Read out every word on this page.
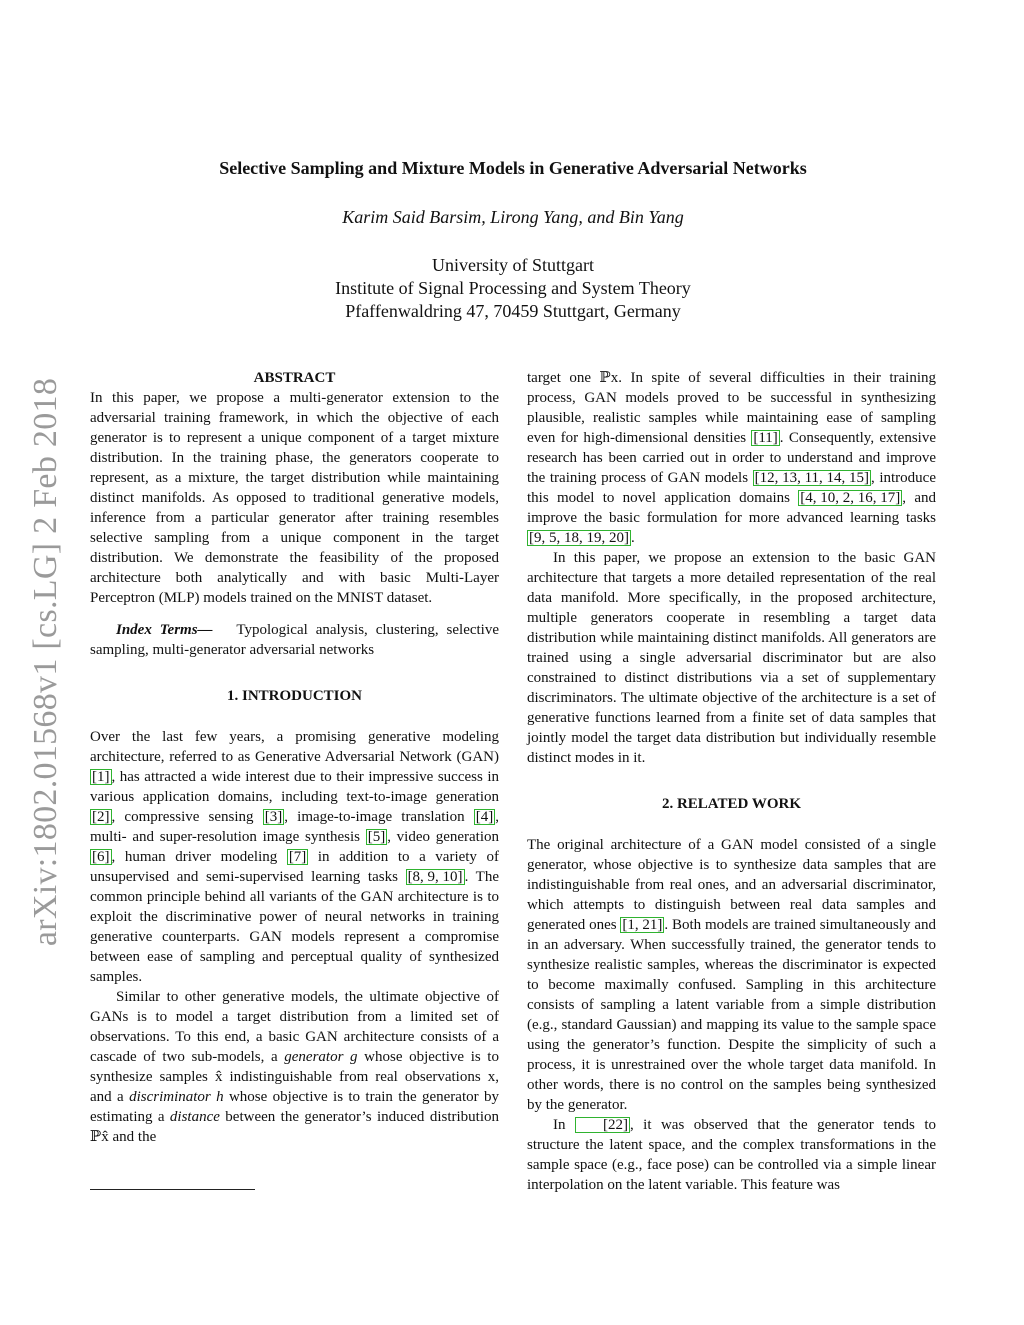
arXiv:1802.01568v1 [cs.LG] 2 Feb 2018
Selective Sampling and Mixture Models in Generative Adversarial Networks
Karim Said Barsim, Lirong Yang, and Bin Yang
University of Stuttgart
Institute of Signal Processing and System Theory
Pfaffenwaldring 47, 70459 Stuttgart, Germany

ABSTRACT

In this paper, we propose a multi-generator extension to the adversarial training framework, in which the objective of each generator is to represent a unique component of a target mixture distribution. In the training phase, the generators cooperate to represent, as a mixture, the target distribution while maintaining distinct manifolds. As opposed to traditional generative models, inference from a particular generator after training resembles selective sampling from a unique component in the target distribution. We demonstrate the feasibility of the proposed architecture both analytically and with basic Multi-Layer Perceptron (MLP) models trained on the MNIST dataset.

Index Terms— Typological analysis, clustering, selective sampling, multi-generator adversarial networks

1. INTRODUCTION

Over the last few years, a promising generative modeling architecture, referred to as Generative Adversarial Network (GAN) [1] , has attracted a wide interest due to their impressive success in various application domains, including text-to-image generation [2] , compressive sensing [3] , image-to-image translation [4] , multi- and super-resolution image synthesis [5] , video generation [6] , human driver modeling [7] in addition to a variety of unsupervised and semi-supervised learning tasks [8, 9, 10] . The common principle behind all variants of the GAN architecture is to exploit the discriminative power of neural networks in training generative counterparts. GAN models represent a compromise between ease of sampling and perceptual quality of synthesized samples.

Similar to other generative models, the ultimate objective of GANs is to model a target distribution from a limited set of observations. To this end, a basic GAN architecture consists of a cascade of two sub-models, a generator g whose objective is to synthesize samples x̂ indistinguishable from real observations x, and a discriminator h whose objective is to train the generator by estimating a distance between the generator’s induced distribution ℙx̂ and the

target one ℙx. In spite of several difficulties in their training process, GAN models proved to be successful in synthesizing plausible, realistic samples while maintaining ease of sampling even for high-dimensional densities [11] . Consequently, extensive research has been carried out in order to understand and improve the training process of GAN models [12, 13, 11, 14, 15] , introduce this model to novel application domains [4, 10, 2, 16, 17] , and improve the basic formulation for more advanced learning tasks [9, 5, 18, 19, 20] .

In this paper, we propose an extension to the basic GAN architecture that targets a more detailed representation of the real data manifold. More specifically, in the proposed architecture, multiple generators cooperate in resembling a target data distribution while maintaining distinct manifolds. All generators are trained using a single adversarial discriminator but are also constrained to distinct distributions via a set of supplementary discriminators. The ultimate objective of the architecture is a set of generative functions learned from a finite set of data samples that jointly model the target data distribution but individually resemble distinct modes in it.

2. RELATED WORK

The original architecture of a GAN model consisted of a single generator, whose objective is to synthesize data samples that are indistinguishable from real ones, and an adversarial discriminator, which attempts to distinguish between real data samples and generated ones [1, 21] . Both models are trained simultaneously and in an adversary. When successfully trained, the generator tends to synthesize realistic samples, whereas the discriminator is expected to become maximally confused. Sampling in this architecture consists of sampling a latent variable from a simple distribution (e.g., standard Gaussian) and mapping its value to the sample space using the generator’s function. Despite the simplicity of such a process, it is unrestrained over the whole target data manifold. In other words, there is no control on the samples being synthesized by the generator.

In [22] , it was observed that the generator tends to structure the latent space, and the complex transformations in the sample space (e.g., face pose) can be controlled via a simple linear interpolation on the latent variable. This feature was
